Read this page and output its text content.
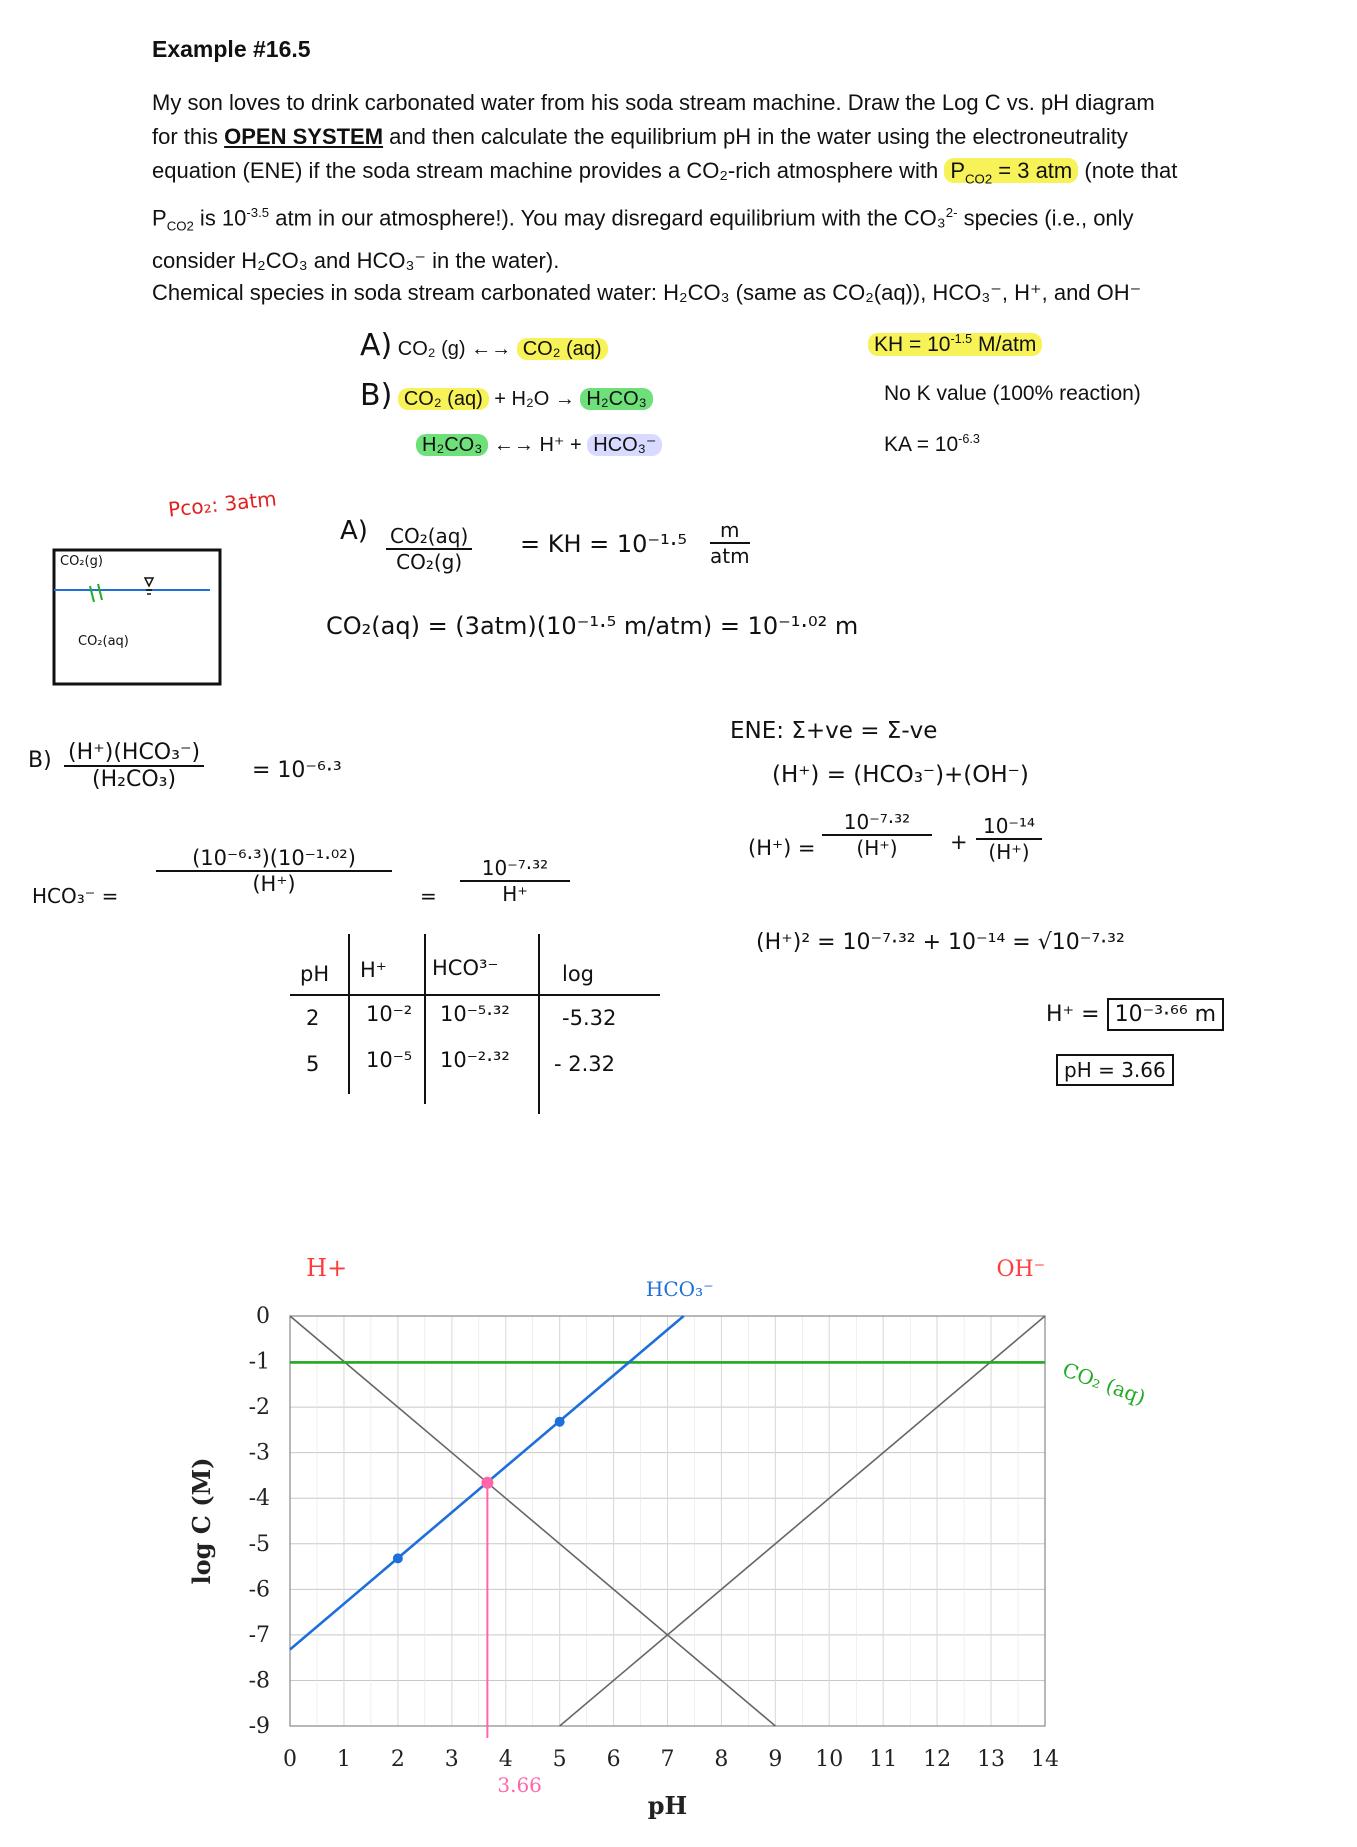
Example #16.5
My son loves to drink carbonated water from his soda stream machine. Draw the Log C vs. pH diagram
for this OPEN SYSTEM and then calculate the equilibrium pH in the water using the electroneutrality
equation (ENE) if the soda stream machine provides a CO₂-rich atmosphere with $P_{CO2} = 3$ atm (note that
$P_{CO2}$ is $10^{-3.5}$ atm in our atmosphere!). You may disregard equilibrium with the CO₃$^{2-}$ species (i.e., only
consider H₂CO₃ and HCO₃⁻ in the water).
Chemical species in soda stream carbonated water: H₂CO₃ (same as CO₂(aq)), HCO₃⁻, H⁺, and OH⁻
A) CO₂ (g) ←→ CO₂ (aq)	KH = $10^{-1.5}$ M/atm
B) CO₂ (aq) + H₂O → H₂CO₃	No K value (100% reaction)
H₂CO₃ ←→ H⁺ + HCO₃⁻	KA = $10^{-6.3}$
Pco₂: 3atm
CO₂(g)
CO₂(aq)
$A) \frac{\text{CO₂(aq)}}{\text{CO₂(g)}}$ = KH = 10⁻¹·⁵	m
atm
CO₂(aq) = (3atm)(10⁻¹·⁵ m/atm) = 10⁻¹·⁰² m
B) (H⁺)(HCO₃⁻)
(H₂CO₃)	= 10⁻⁶·³
$HCO_3^- = \frac{\text{(10⁻⁶·³)(10⁻¹·⁰²)}}{(H^+)} = \frac{\text{10⁻⁷·³²}}{H^+}$
pH H⁺ HCO³⁻	log
2 10⁻² 10⁻⁵·³² -5.32
5 10⁻⁵ 10⁻²·³² - 2.32
ENE: Σ+ve = Σ-ve
(H⁺) = (HCO₃⁻)+(OH⁻)
$(H^+) = \frac{\text{10⁻⁷·³²}}{(H^+)} + \frac{\text{10⁻¹⁴}}{(H^+)}$
(H⁺)² = 10⁻⁷·³² + 10⁻¹⁴ = √10⁻⁷·³²
H⁺ = 10⁻³·⁶⁶ m
pH = 3.66
0 1 2 3 4 5 6 7 8 9 10 11 12 13 14
0
-1
-2
-3
-4
-5
-6
-7
-8
-9
pH
log C (M)
H+	OH⁻
CO₂ (aq)
HCO₃⁻
3.66
